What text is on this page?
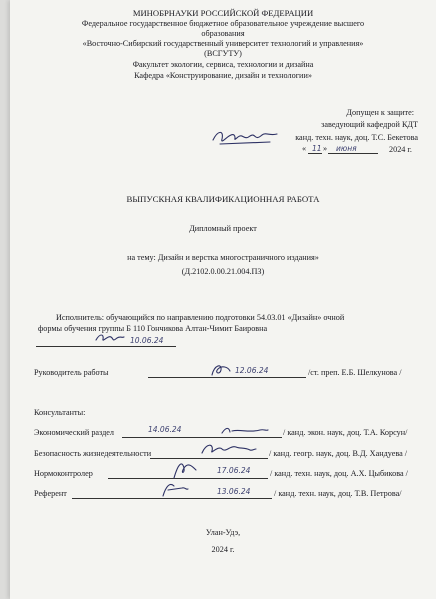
МИНОБРНАУКИ РОССИЙСКОЙ ФЕДЕРАЦИИ
Федеральное государственное бюджетное образовательное учреждение высшего
образования
«Восточно-Сибирский государственный университет технологий и управления»
(ВСГУТУ)
Факультет экологии, сервиса, технологии и дизайна
Кафедра «Конструирование, дизайн и технологии»
Допущен к защите:
заведующий кафедрой КДТ
канд. техн. наук, доц. Т.С. Бекетова
« 11 » июня	2024 г.
ВЫПУСКНАЯ КВАЛИФИКАЦИОННАЯ РАБОТА
Дипломный проект
на тему: Дизайн и верстка многостраничного издания»
(Д.2102.0.00.21.004.ПЗ)
Исполнитель: обучающийся по направлению подготовки 54.03.01 «Дизайн» очной
формы обучения группы Б 110 Гончикова Алтан-Чимит Баировна
10.06.24
Руководитель работы	12.06.24	/ст. преп. Е.Б. Шелкунова /
Консультанты:
Экономический раздел	14.06.24	/ канд. экон. наук, доц. Т.А. Корсун/
Безопасность жизнедеятельности	/ канд. геогр. наук, доц. В.Д. Хандуева /
Нормоконтролер	17.06.24 / канд. техн. наук, доц. А.Х. Цыбикова /
Референт	13.06.24	/ канд. техн. наук, доц. Т.В. Петрова/
Улан-Удэ,
2024 г.
